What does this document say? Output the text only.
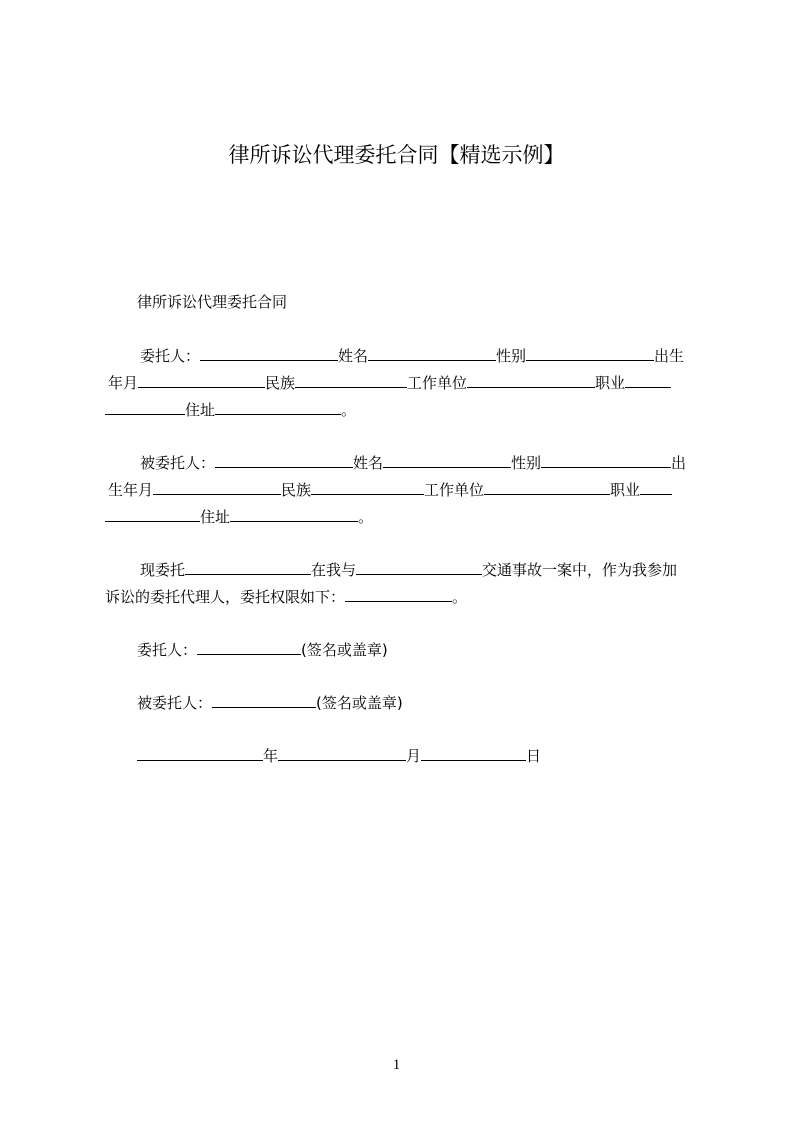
律所诉讼代理委托合同【精选示例】
律所诉讼代理委托合同
委托人：	姓名	性别	出生
年月	民族	工作单位	职业
住址	。
被委托人：	姓名	性别	出
生年月	民族	工作单位	职业
住址	。
现委托	在我与	交通事故一案中，作为我参加
诉讼的委托代理人，委托权限如下：	。
委托人：	(签名或盖章)
被委托人：	(签名或盖章)
年	月	日
1
